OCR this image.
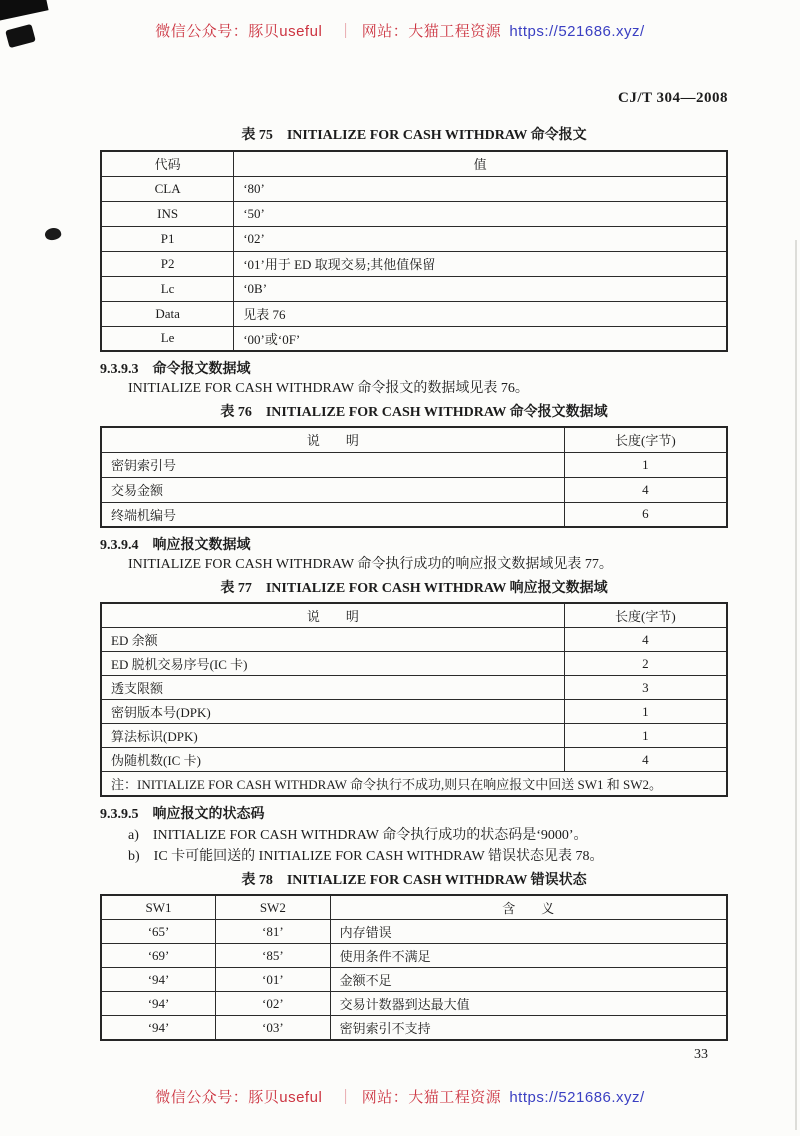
微信公众号：豚贝useful ｜ 网站：大猫工程资源 https://521686.xyz/
CJ/T 304—2008
表 75　INITIALIZE FOR CASH WITHDRAW 命令报文
代码	值
CLA	‘80’
INS	‘50’
P1	‘02’
P2	‘01’用于 ED 取现交易;其他值保留
Lc	‘0B’
Data	见表 76
Le	‘00’或‘0F’
9.3.9.3 命令报文数据域

INITIALIZE FOR CASH WITHDRAW 命令报文的数据域见表 76。

表 76　INITIALIZE FOR CASH WITHDRAW 命令报文数据域
说　　明	长度(字节)
密钥索引号	1
交易金额	4
终端机编号	6
9.3.9.4 响应报文数据域

INITIALIZE FOR CASH WITHDRAW 命令执行成功的响应报文数据域见表 77。

表 77　INITIALIZE FOR CASH WITHDRAW 响应报文数据域
说　　明	长度(字节)
ED 余额	4
ED 脱机交易序号(IC 卡)	2
透支限额	3
密钥版本号(DPK)	1
算法标识(DPK)	1
伪随机数(IC 卡)	4
注：INITIALIZE FOR CASH WITHDRAW 命令执行不成功,则只在响应报文中回送 SW1 和 SW2。	
9.3.9.5 响应报文的状态码

a)　INITIALIZE FOR CASH WITHDRAW 命令执行成功的状态码是‘9000’。

b)　IC 卡可能回送的 INITIALIZE FOR CASH WITHDRAW 错误状态见表 78。

表 78　INITIALIZE FOR CASH WITHDRAW 错误状态
SW1	SW2	含　　义
‘65’	‘81’	内存错误
‘69’	‘85’	使用条件不满足
‘94’	‘01’	金额不足
‘94’	‘02’	交易计数器到达最大值
‘94’	‘03’	密钥索引不支持
33
微信公众号：豚贝useful ｜ 网站：大猫工程资源 https://521686.xyz/
